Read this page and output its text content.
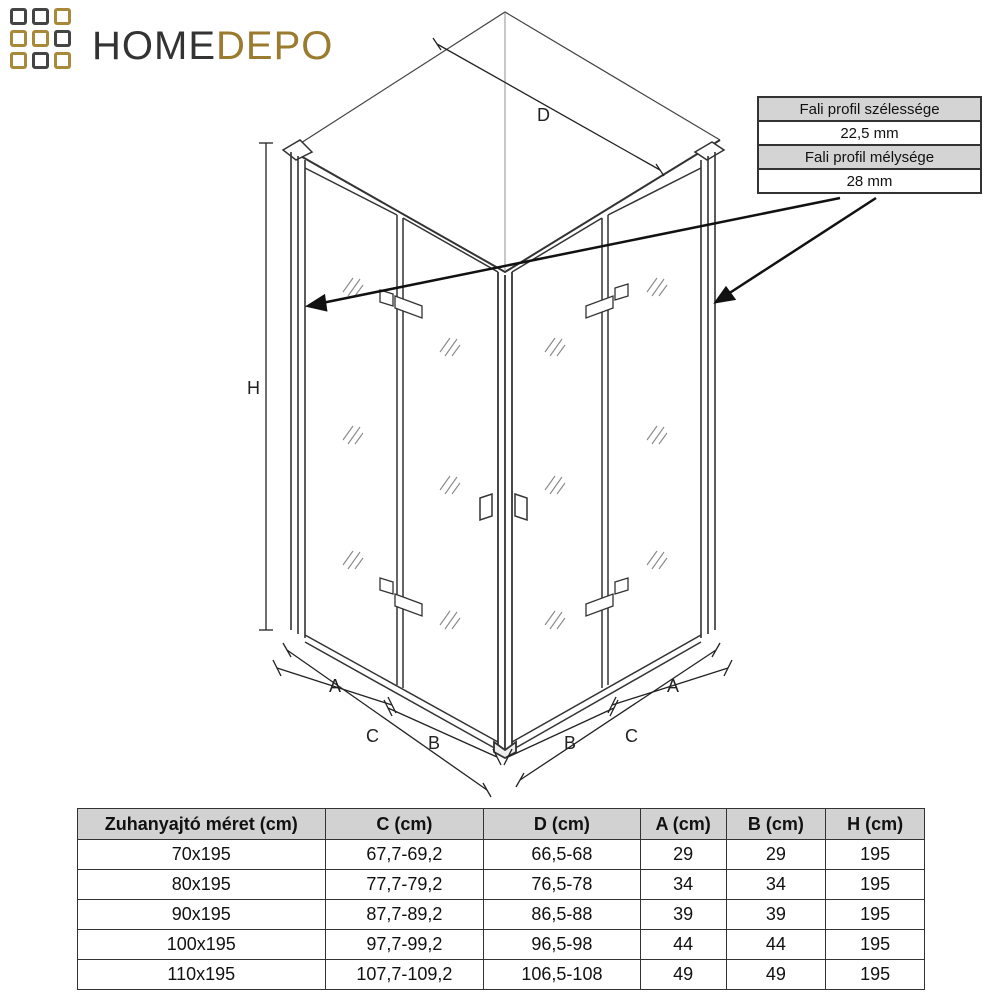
HOMEDEPO
D
H
A
B
C
A
B	C
Fali profil szélessége
22,5 mm
Fali profil mélysége
28 mm
Zuhanyajtó méret (cm)	C (cm)	D (cm)	A (cm)	B (cm)	H (cm)
70x195	67,7-69,2	66,5-68	29	29	195
80x195	77,7-79,2	76,5-78	34	34	195
90x195	87,7-89,2	86,5-88	39	39	195
100x195	97,7-99,2	96,5-98	44	44	195
110x195	107,7-109,2	106,5-108	49	49	195
